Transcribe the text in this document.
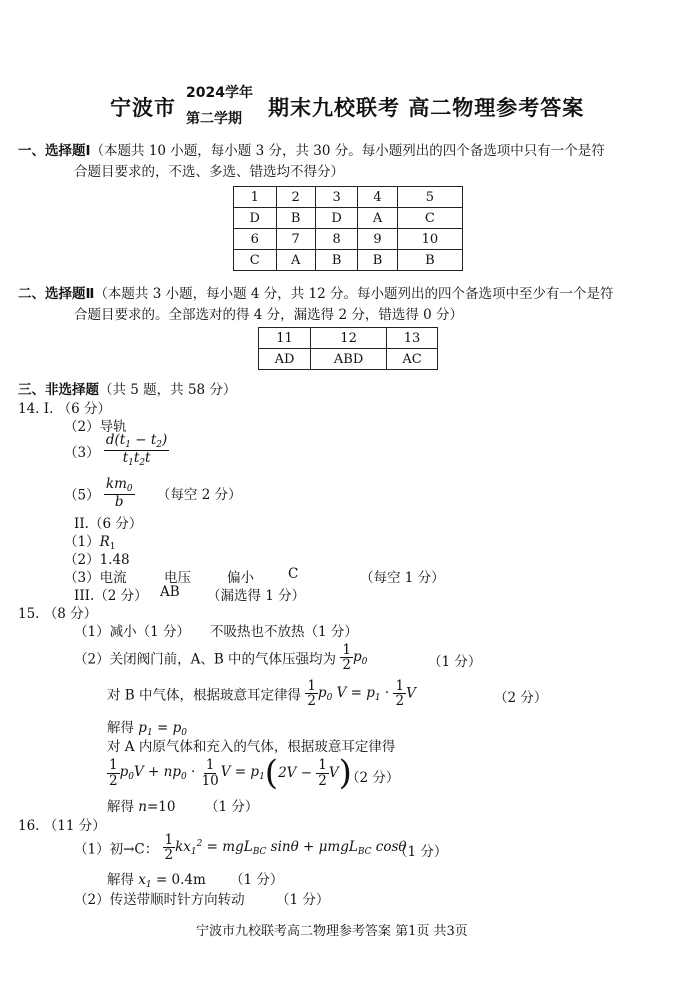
宁波市
2024学年
第二学期 期末九校联考 高二物理参考答案
一、选择题Ⅰ（本题共 10 小题，每小题 3 分，共 30 分。每小题列出的四个备选项中只有一个是符
合题目要求的，不选、多选、错选均不得分）
1	2	3	4	5
D	B	D	A	C
6	7	8	9	10
C	A	B	B	B
二、选择题Ⅱ（本题共 3 小题，每小题 4 分，共 12 分。每小题列出的四个备选项中至少有一个是符
合题目要求的。全部选对的得 4 分，漏选得 2 分，错选得 0 分）
11	12	13
AD	ABD	AC
三、非选择题（共 5 题，共 58 分）
14. I. （6 分）
（2）导轨
$(3) \frac{d(t_1 - t_2)}{t_1t_2t}$
$(5) \frac{km_0}{b}$ （每空 2 分）
II.（6 分）
$(1)R_1$
（2）1.48
（3）电流	电压	偏小	C	（每空 1 分）
III.（2 分） AB （漏选得 1 分）
15. （8 分）
（1）减小（1 分） 不吸热也不放热（1 分）
（2）关闭阀门前，A、B 中的气体压强均为 $\frac{1}{2} p_0$	（1 分）
对 B 中气体，根据玻意耳定律得 $\frac{1}{2} p_0$ $V = p_1 \cdot \frac{1}{2}$ V	（2 分）
解得 $p_1 = p_0$
对 A 内原气体和充入的气体，根据玻意耳定律得
$\frac{1}{2} p_0V + np_0 \cdot \frac{1}{10}$ $V = p_1(2V - \frac{1}{2} V)$
（2 分）
解得 n=10 （1 分）
16. （11 分）
（1）初→C： $\frac{1}{2} kx_1^2 = mgL_{BC}$ sinθ + μmgL$_{BC}$ cosθ
（1 分）
解得 $x_1 = 0.4m$ （1 分）
（2）传送带顺时针方向转动 （1 分）
宁波市九校联考高二物理参考答案 第1页 共3页
